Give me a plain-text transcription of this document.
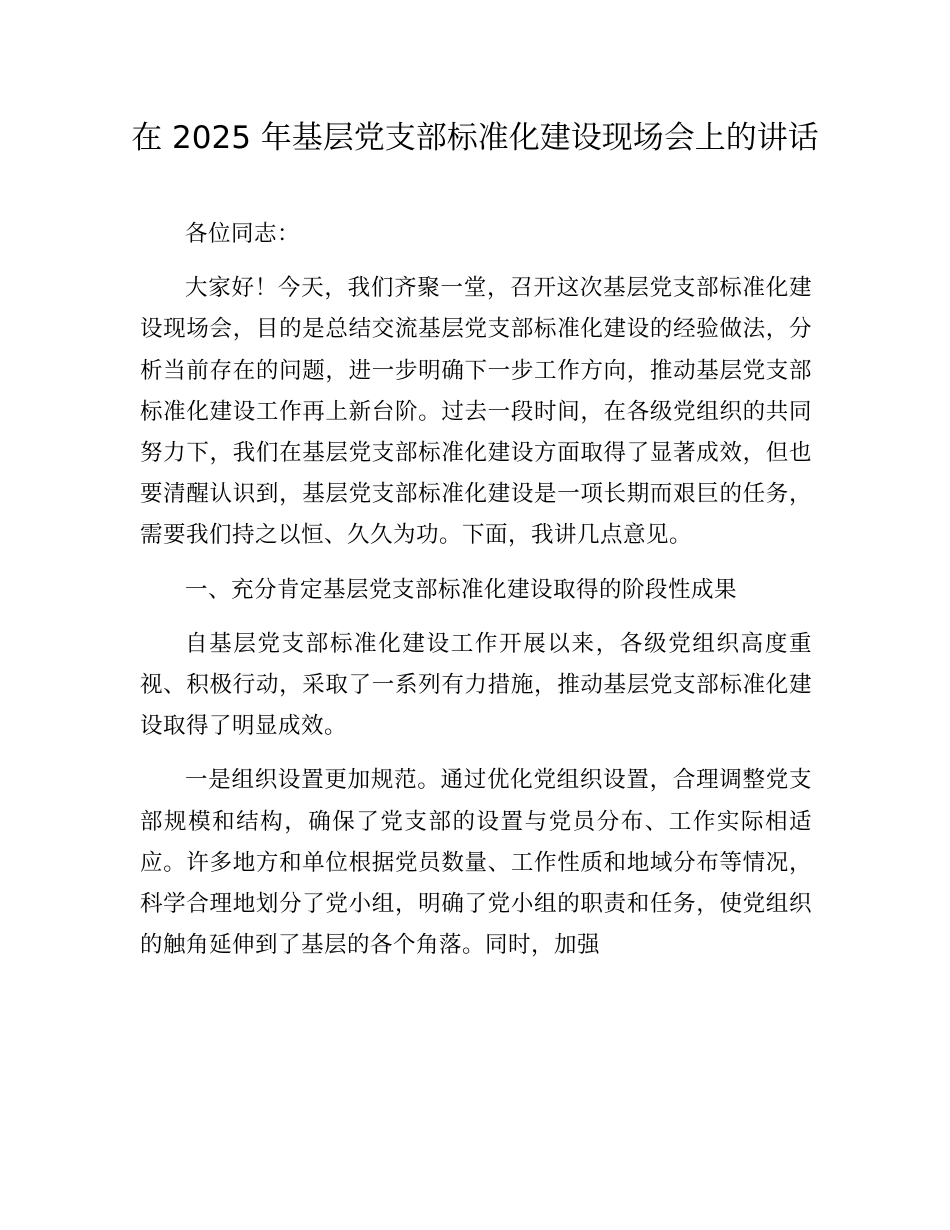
在 2025 年基层党支部标准化建设现场会上的讲话

各位同志：

大家好！今天，我们齐聚一堂，召开这次基层党支部标准化建设现场会，目的是总结交流基层党支部标准化建设的经验做法，分析当前存在的问题，进一步明确下一步工作方向，推动基层党支部标准化建设工作再上新台阶。过去一段时间，在各级党组织的共同努力下，我们在基层党支部标准化建设方面取得了显著成效，但也要清醒认识到，基层党支部标准化建设是一项长期而艰巨的任务，需要我们持之以恒、久久为功。下面，我讲几点意见。

一、充分肯定基层党支部标准化建设取得的阶段性成果

自基层党支部标准化建设工作开展以来，各级党组织高度重视、积极行动，采取了一系列有力措施，推动基层党支部标准化建设取得了明显成效。

一是组织设置更加规范。通过优化党组织设置，合理调整党支部规模和结构，确保了党支部的设置与党员分布、工作实际相适应。许多地方和单位根据党员数量、工作性质和地域分布等情况，科学合理地划分了党小组，明确了党小组的职责和任务，使党组织的触角延伸到了基层的各个角落。同时，加强
